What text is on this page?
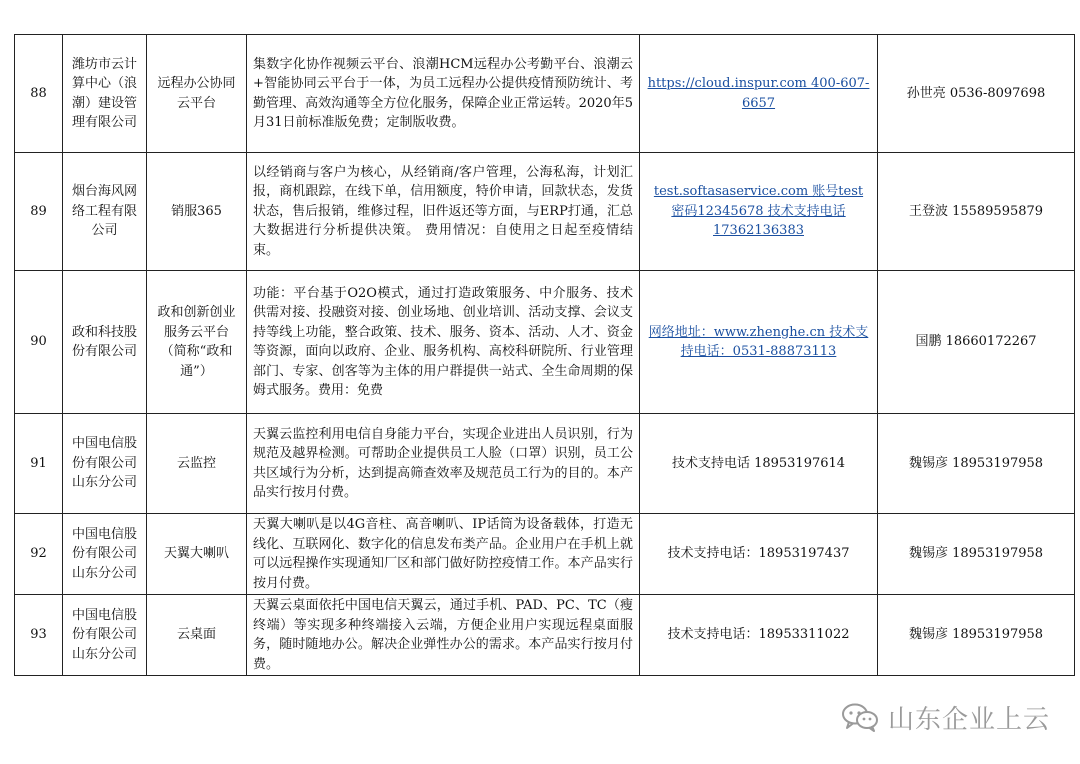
88	潍坊市云计算中心（浪潮）建设管理有限公司	远程办公协同云平台	集数字化协作视频云平台、浪潮HCM远程办公考勤平台、浪潮云+智能协同云平台于一体，为员工远程办公提供疫情预防统计、考勤管理、高效沟通等全方位化服务，保障企业正常运转。2020年5月31日前标准版免费；定制版收费。	https://cloud.inspur.com 400-607-6657	孙世亮 0536-8097698
89	烟台海风网络工程有限公司	销服365	以经销商与客户为核心，从经销商/客户管理，公海私海，计划汇报，商机跟踪，在线下单，信用额度，特价申请，回款状态，发货状态，售后报销，维修过程，旧件返还等方面，与ERP打通，汇总大数据进行分析提供决策。 费用情况：自使用之日起至疫情结束。	test.softasaservice.com 账号test 密码12345678 技术支持电话17362136383	王登波 15589595879
90	政和科技股份有限公司	政和创新创业服务云平台（简称“政和通”）	功能：平台基于O2O模式，通过打造政策服务、中介服务、技术供需对接、投融资对接、创业场地、创业培训、活动支撑、会议支持等线上功能，整合政策、技术、服务、资本、活动、人才、资金等资源，面向以政府、企业、服务机构、高校科研院所、行业管理部门、专家、创客等为主体的用户群提供一站式、全生命周期的保姆式服务。费用：免费	网络地址：www.zhenghe.cn 技术支持电话：0531-88873113	国鹏 18660172267
91	中国电信股份有限公司山东分公司	云监控	天翼云监控利用电信自身能力平台，实现企业进出人员识别，行为规范及越界检测。可帮助企业提供员工人脸（口罩）识别，员工公共区域行为分析，达到提高筛查效率及规范员工行为的目的。本产品实行按月付费。	技术支持电话 18953197614	魏锡彦 18953197958
92	中国电信股份有限公司山东分公司	天翼大喇叭	天翼大喇叭是以4G音柱、高音喇叭、IP话筒为设备载体，打造无线化、互联网化、数字化的信息发布类产品。企业用户在手机上就可以远程操作实现通知厂区和部门做好防控疫情工作。本产品实行按月付费。	技术支持电话：18953197437	魏锡彦 18953197958
93	中国电信股份有限公司山东分公司	云桌面	天翼云桌面依托中国电信天翼云，通过手机、PAD、PC、TC（瘦终端）等实现多种终端接入云端，方便企业用户实现远程桌面服务，随时随地办公。解决企业弹性办公的需求。本产品实行按月付费。	技术支持电话：18953311022	魏锡彦 18953197958
山东企业上云
